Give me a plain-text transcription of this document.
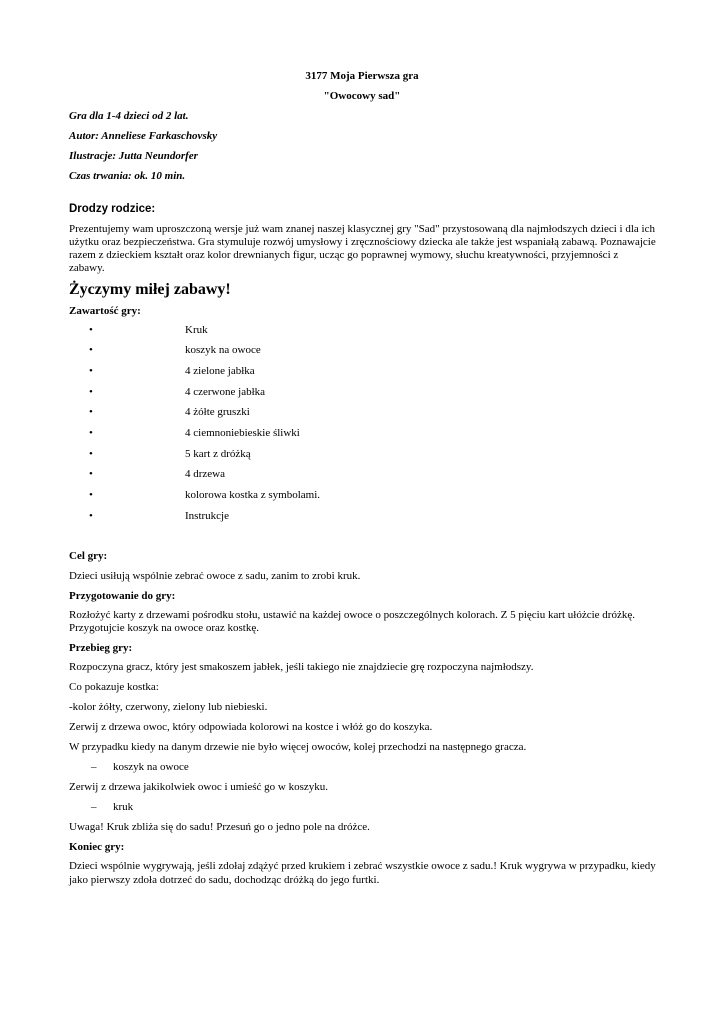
3177 Moja Pierwsza gra
"Owocowy sad"
Gra dla 1-4 dzieci od 2 lat.
Autor: Anneliese Farkaschovsky
Ilustracje: Jutta Neundorfer
Czas trwania: ok. 10 min.
Drodzy rodzice:
Prezentujemy wam uproszczoną wersje już wam znanej naszej klasycznej gry "Sad" przystosowaną dla najmłodszych dzieci i dla ich
użytku oraz bezpieczeństwa. Gra stymuluje rozwój umysłowy i zręcznościowy dziecka ale także jest wspaniałą zabawą. Poznawajcie
razem z dzieckiem kształt oraz kolor drewnianych figur, ucząc go poprawnej wymowy, słuchu kreatywności, przyjemności z
zabawy.
Życzymy miłej zabawy!
Zawartość gry:
•	Kruk
•	koszyk na owoce
•	4 zielone jabłka
•	4 czerwone jabłka
•	4 żółte gruszki
•	4 ciemnoniebieskie śliwki
•	5 kart z dróżką
•	4 drzewa
•	kolorowa kostka z symbolami.
•	Instrukcje
Cel gry:
Dzieci usiłują wspólnie zebrać owoce z sadu, zanim to zrobi kruk.
Przygotowanie do gry:
Rozłożyć karty z drzewami pośrodku stołu, ustawić na każdej owoce o poszczególnych kolorach. Z 5 pięciu kart ułóżcie dróżkę.
Przygotujcie koszyk na owoce oraz kostkę.
Przebieg gry:
Rozpoczyna gracz, który jest smakoszem jabłek, jeśli takiego nie znajdziecie grę rozpoczyna najmłodszy.
Co pokazuje kostka:
-kolor żółty, czerwony, zielony lub niebieski.
Zerwij z drzewa owoc, który odpowiada kolorowi na kostce i włóż go do koszyka.
W przypadku kiedy na danym drzewie nie było więcej owoców, kolej przechodzi na następnego gracza.
– koszyk na owoce
Zerwij z drzewa jakikolwiek owoc i umieść go w koszyku.
– kruk
Uwaga! Kruk zbliża się do sadu! Przesuń go o jedno pole na dróżce.
Koniec gry:
Dzieci wspólnie wygrywają, jeśli zdołaj zdążyć przed krukiem i zebrać wszystkie owoce z sadu.! Kruk wygrywa w przypadku, kiedy
jako pierwszy zdoła dotrzeć do sadu, dochodząc dróżką do jego furtki.
